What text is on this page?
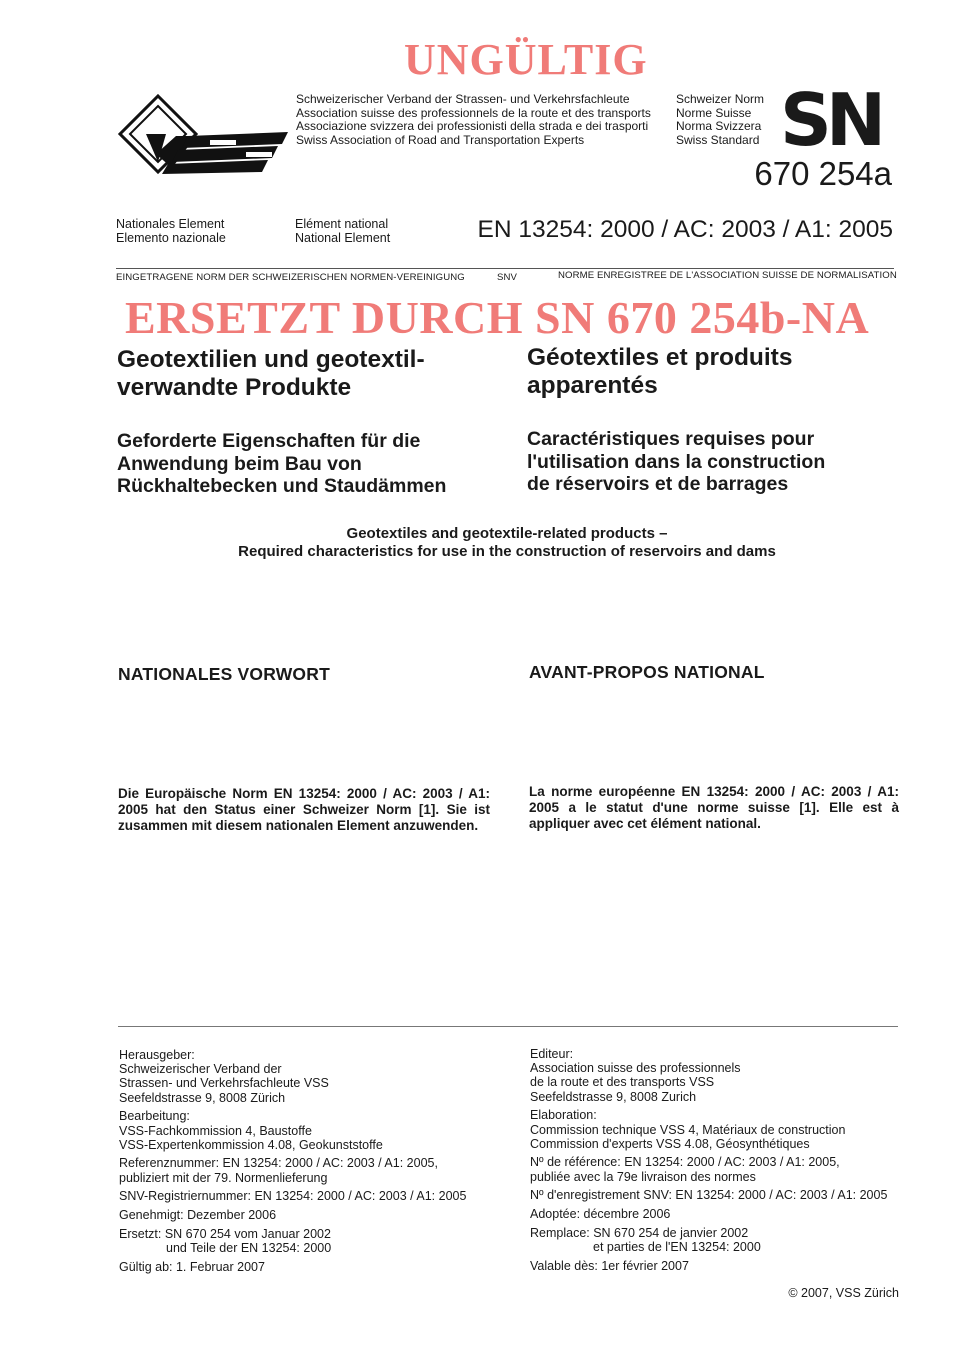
UNGÜLTIG
ERSETZT DURCH SN 670 254b-NA
Schweizerischer Verband der Strassen- und Verkehrsfachleute
Association suisse des professionnels de la route et des transports
Associazione svizzera dei professionisti della strada e dei trasporti
Swiss Association of Road and Transportation Experts
Schweizer Norm
Norme Suisse
Norma Svizzera
Swiss Standard SN
670 254a
Nationales Element
Elemento nazionale
Elément national
National Element	EN 13254: 2000 / AC: 2003 / A1: 2005
EINGETRAGENE NORM DER SCHWEIZERISCHEN NORMEN-VEREINIGUNG	SNV	NORME ENREGISTREE DE L'ASSOCIATION SUISSE DE NORMALISATION
Geotextilien und geotextil-
verwandte Produkte
Geforderte Eigenschaften für die
Anwendung beim Bau von
Rückhaltebecken und Staudämmen
Géotextiles et produits
apparentés
Caractéristiques requises pour
l'utilisation dans la construction
de réservoirs et de barrages
Geotextiles and geotextile-related products –
Required characteristics for use in the construction of reservoirs and dams
NATIONALES VORWORT	AVANT-PROPOS NATIONAL
Die Europäische Norm EN 13254: 2000 / AC: 2003 / A1: 2005 hat den Status einer Schweizer Norm [1]. Sie ist zusammen mit diesem nationalen Element anzuwenden.
La norme européenne EN 13254: 2000 / AC: 2003 / A1: 2005 a le statut d'une norme suisse [1]. Elle est à appliquer avec cet élément national.
Herausgeber:
Schweizerischer Verband der
Strassen- und Verkehrsfachleute VSS
Seefeldstrasse 9, 8008 Zürich
Bearbeitung:
VSS-Fachkommission 4, Baustoffe
VSS-Expertenkommission 4.08, Geokunststoffe
Referenznummer: EN 13254: 2000 / AC: 2003 / A1: 2005,
publiziert mit der 79. Normenlieferung
SNV-Registriernummer: EN 13254: 2000 / AC: 2003 / A1: 2005
Genehmigt: Dezember 2006
Ersetzt: SN 670 254 vom Januar 2002
und Teile der EN 13254: 2000
Gültig ab: 1. Februar 2007
Editeur:
Association suisse des professionnels
de la route et des transports VSS
Seefeldstrasse 9, 8008 Zurich
Elaboration:
Commission technique VSS 4, Matériaux de construction
Commission d'experts VSS 4.08, Géosynthétiques
Nº de référence: EN 13254: 2000 / AC: 2003 / A1: 2005,
publiée avec la 79e livraison des normes
Nº d'enregistrement SNV: EN 13254: 2000 / AC: 2003 / A1: 2005
Adoptée: décembre 2006
Remplace: SN 670 254 de janvier 2002
et parties de l'EN 13254: 2000
Valable dès: 1er février 2007
© 2007, VSS Zürich
